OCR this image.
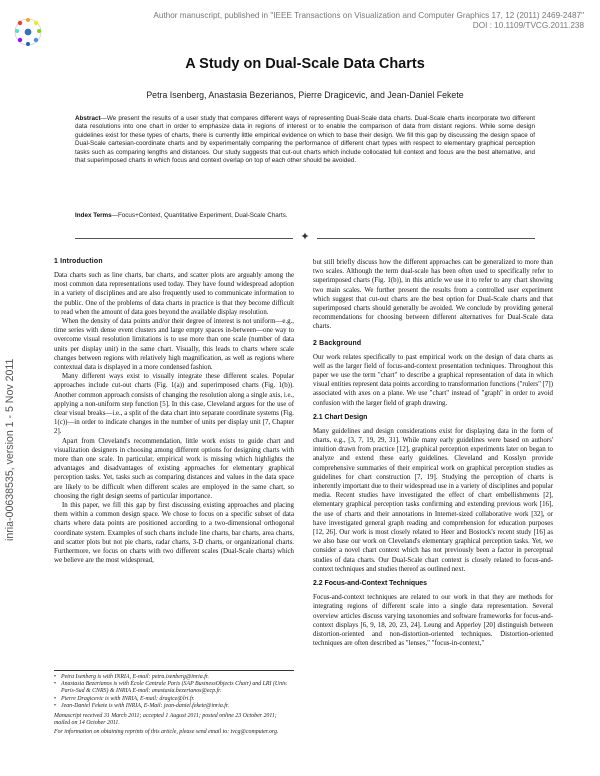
Author manuscript, published in "IEEE Transactions on Visualization and Computer Graphics 17, 12 (2011) 2469-2487"
DOI : 10.1109/TVCG.2011.238
inria-00638535, version 1 - 5 Nov 2011
A Study on Dual-Scale Data Charts
Petra Isenberg, Anastasia Bezerianos, Pierre Dragicevic, and Jean-Daniel Fekete

Abstract—We present the results of a user study that compares different ways of representing Dual-Scale data charts. Dual-Scale charts incorporate two different data resolutions into one chart in order to emphasize data in regions of interest or to enable the comparison of data from distant regions. While some design guidelines exist for these types of charts, there is currently little empirical evidence on which to base their design. We fill this gap by discussing the design space of Dual-Scale cartesian-coordinate charts and by experimentally comparing the performance of different chart types with respect to elementary graphical perception tasks such as comparing lengths and distances. Our study suggests that cut-out charts which include collocated full context and focus are the best alternative, and that superimposed charts in which focus and context overlap on top of each other should be avoided.

Index Terms—Focus+Context, Quantitative Experiment, Dual-Scale Charts.

✦
1 Introduction

Data charts such as line charts, bar charts, and scatter plots are arguably among the most common data representations used today. They have found widespread adoption in a variety of disciplines and are also frequently used to communicate information to the public. One of the problems of data charts in practice is that they become difficult to read when the amount of data goes beyond the available display resolution.

When the density of data points and/or their degree of interest is not uniform—e.g., time series with dense event clusters and large empty spaces in-between—one way to overcome visual resolution limitations is to use more than one scale (number of data units per display unit) in the same chart. Visually, this leads to charts where scale changes between regions with relatively high magnification, as well as regions where contextual data is displayed in a more condensed fashion.

Many different ways exist to visually integrate these different scales. Popular approaches include cut-out charts (Fig. 1(a)) and superimposed charts (Fig. 1(b)). Another common approach consists of changing the resolution along a single axis, i.e., applying a non-uniform step function [5]. In this case, Cleveland argues for the use of clear visual breaks—i.e., a split of the data chart into separate coordinate systems (Fig. 1(c))—in order to indicate changes in the number of units per display unit [7, Chapter 2].

Apart from Cleveland's recommendation, little work exists to guide chart and visualization designers in choosing among different options for designing charts with more than one scale. In particular, empirical work is missing which highlights the advantages and disadvantages of existing approaches for elementary graphical perception tasks. Yet, tasks such as comparing distances and values in the data space are likely to be difficult when different scales are employed in the same chart, so choosing the right design seems of particular importance.

In this paper, we fill this gap by first discussing existing approaches and placing them within a common design space. We chose to focus on a specific subset of data charts where data points are positioned according to a two-dimensional orthogonal coordinate system. Examples of such charts include line charts, bar charts, area charts, and scatter plots but not pie charts, radar charts, 3-D charts, or organizational charts. Furthermore, we focus on charts with two different scales (Dual-Scale charts) which we believe are the most widespread,

but still briefly discuss how the different approaches can be generalized to more than two scales. Although the term dual-scale has been often used to specifically refer to superimposed charts (Fig. 1(b)), in this article we use it to refer to any chart showing two main scales. We further present the results from a controlled user experiment which suggest that cut-out charts are the best option for Dual-Scale charts and that superimposed charts should generally be avoided. We conclude by providing general recommendations for choosing between different alternatives for Dual-Scale data charts.

2 Background

Our work relates specifically to past empirical work on the design of data charts as well as the larger field of focus-and-context presentation techniques. Throughout this paper we use the term "chart" to describe a graphical representation of data in which visual entities represent data points according to transformation functions ("rulers" [7]) associated with axes on a plane. We use "chart" instead of "graph" in order to avoid confusion with the larger field of graph drawing.

2.1 Chart Design

Many guidelines and design considerations exist for displaying data in the form of charts, e.g., [3, 7, 19, 29, 31]. While many early guidelines were based on authors' intuition drawn from practice [12], graphical perception experiments later on began to analyze and extend these early guidelines. Cleveland and Kosslyn provide comprehensive summaries of their empirical work on graphical perception studies as guidelines for chart construction [7, 19]. Studying the perception of charts is inherently important due to their widespread use in a variety of disciplines and popular media. Recent studies have investigated the effect of chart embellishments [2], elementary graphical perception tasks confirming and extending previous work [16], the use of charts and their annotations in Internet-sized collaborative work [32], or have investigated general graph reading and comprehension for education purposes [12, 26]. Our work is most closely related to Heer and Bostock's recent study [16] as we also base our work on Cleveland's elementary graphical perception tasks. Yet, we consider a novel chart context which has not previously been a factor in perceptual studies of data charts. Our Dual-Scale chart context is closely related to focus-and-context techniques and studies thereof as outlined next.

2.2 Focus-and-Context Techniques

Focus-and-context techniques are related to our work in that they are methods for integrating regions of different scale into a single data representation. Several overview articles discuss varying taxonomies and software frameworks for focus-and-context displays [6, 9, 18, 20, 23, 24]. Leung and Apperley [20] distinguish between distortion-oriented and non-distortion-oriented techniques. Distortion-oriented techniques are often described as "lenses," "focus-in-context,"

• Petra Isenberg is with INRIA, E-mail: petra.isenberg@inria.fr.
• Anastasia Bezerianos is with École Centrale Paris (SAP BusinessObjects Chair) and LRI (Univ. Paris-Sud & CNRS) & INRIA E-mail: anastasia.bezerianos@ecp.fr.
• Pierre Dragicevic is with INRIA, E-mail: dragice@lri.fr.
• Jean-Daniel Fekete is with INRIA, E-Mail: jean-daniel.fekete@inria.fr.

Manuscript received 31 March 2011; accepted 1 August 2011; posted online 23 October 2011; mailed on 14 October 2011.

For information on obtaining reprints of this article, please send email to: tvcg@computer.org.
